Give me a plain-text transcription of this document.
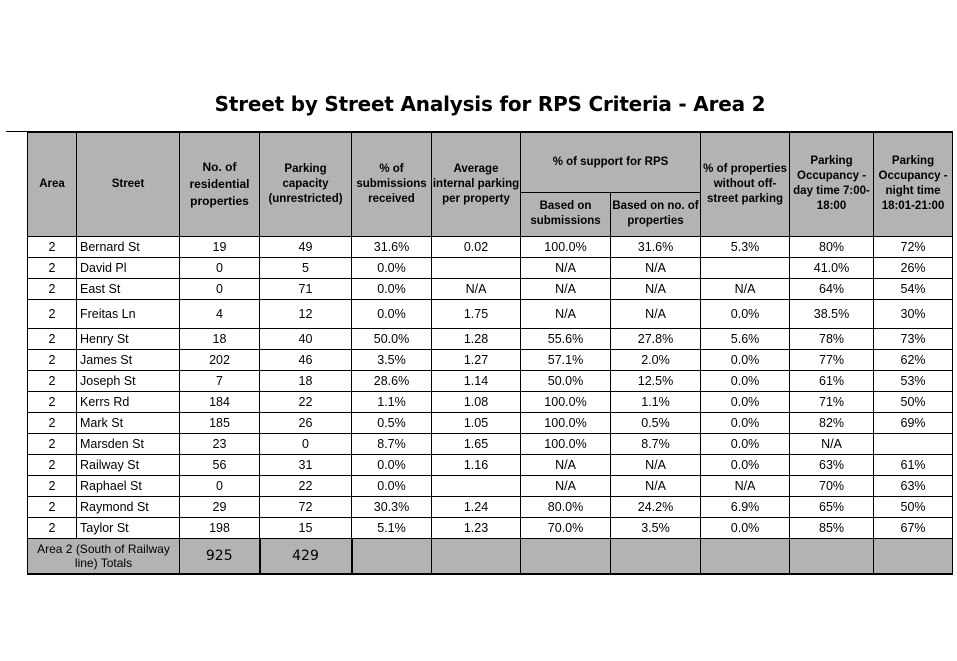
Street by Street Analysis for RPS Criteria - Area 2
Area	Street	No. of residential properties	Parking capacity (unrestricted)	% of submissions received	Average internal parking per property	% of support for RPS		% of properties without off-street parking	Parking Occupancy - day time 7:00-18:00	Parking Occupancy - night time 18:01-21:00
						Based on submissions	Based on no. of properties			
2	Bernard St	19	49	31.6%	0.02	100.0%	31.6%	5.3%	80%	72%
2	David Pl	0	5	0.0%		N/A	N/A		41.0%	26%
2	East St	0	71	0.0%	N/A	N/A	N/A	N/A	64%	54%
2	Freitas Ln	4	12	0.0%	1.75	N/A	N/A	0.0%	38.5%	30%
2	Henry St	18	40	50.0%	1.28	55.6%	27.8%	5.6%	78%	73%
2	James St	202	46	3.5%	1.27	57.1%	2.0%	0.0%	77%	62%
2	Joseph St	7	18	28.6%	1.14	50.0%	12.5%	0.0%	61%	53%
2	Kerrs Rd	184	22	1.1%	1.08	100.0%	1.1%	0.0%	71%	50%
2	Mark St	185	26	0.5%	1.05	100.0%	0.5%	0.0%	82%	69%
2	Marsden St	23	0	8.7%	1.65	100.0%	8.7%	0.0%	N/A	
2	Railway St	56	31	0.0%	1.16	N/A	N/A	0.0%	63%	61%
2	Raphael St	0	22	0.0%		N/A	N/A	N/A	70%	63%
2	Raymond St	29	72	30.3%	1.24	80.0%	24.2%	6.9%	65%	50%
2	Taylor St	198	15	5.1%	1.23	70.0%	3.5%	0.0%	85%	67%
Area 2 (South of Railway line) Totals		925	429							
